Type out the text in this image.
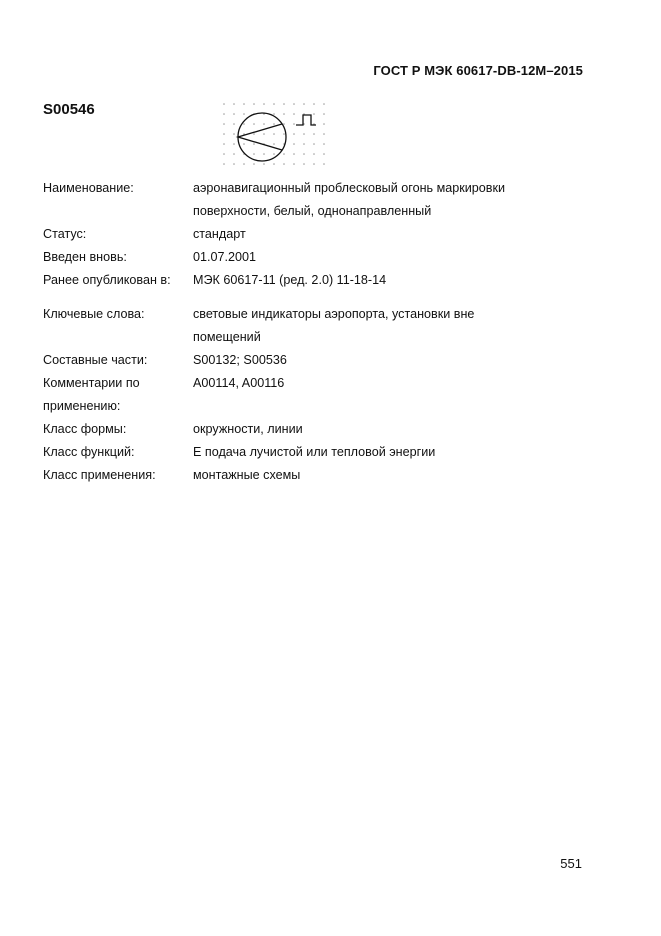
ГОСТ Р МЭК 60617-DB-12M–2015
S00546
Наименование:	аэронавигационный проблесковый огонь маркировки
поверхности, белый, однонаправленный
Статус:	стандарт
Введен вновь:	01.07.2001
Ранее опубликован в:	МЭК 60617-11 (ред. 2.0) 11-18-14
Ключевые слова:	световые индикаторы аэропорта, установки вне
помещений
Составные части:	S00132; S00536
Комментарии по
применению:
A00114, A00116
Класс формы:	окружности, линии
Класс функций:	E подача лучистой или тепловой энергии
Класс применения:	монтажные схемы
551
